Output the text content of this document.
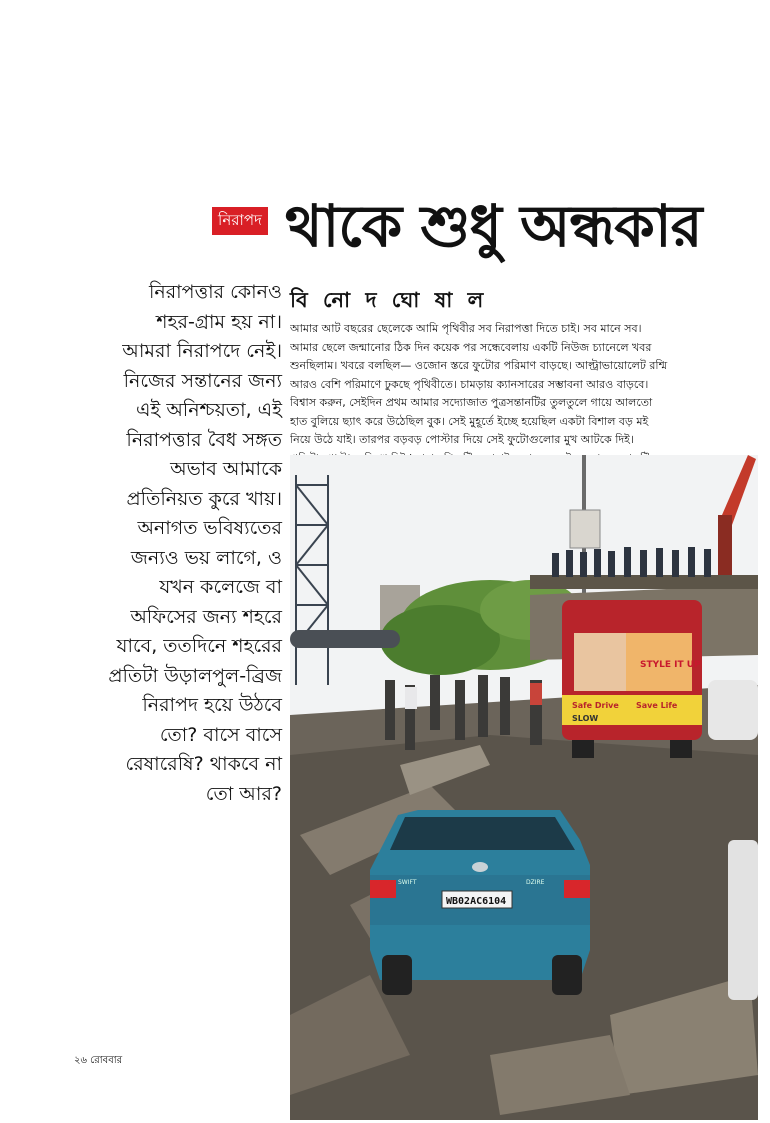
নিরাপদ থাকে শুধু অন্ধকার
নিরাপত্তার কোনও
শহর-গ্রাম হয় না।
আমরা নিরাপদে নেই।
নিজের সন্তানের জন্য
এই অনিশ্চয়তা, এই
নিরাপত্তার বৈধ সঙ্গত
অভাব আমাকে
প্রতিনিয়ত কুরে খায়।
অনাগত ভবিষ্যতের
জন্যও ভয় লাগে, ও
যখন কলেজে বা
অফিসের জন্য শহরে
যাবে, ততদিনে শহরের
প্রতিটা উড়ালপুল-ব্রিজ
নিরাপদ হয়ে উঠবে
তো? বাসে বাসে
রেষারেষি? থাকবে না
তো আর?
বি নো দ ঘো ষা ল
আমার আট বছরের ছেলেকে আমি পৃথিবীর সব নিরাপত্তা দিতে চাই। সব মানে সব।
আমার ছেলে জন্মানোর ঠিক দিন কয়েক পর সন্ধেবেলায় একটি নিউজ চ্যানেলে খবর
শুনছিলাম। খবরে বলছিল— ওজোন স্তরে ফুটোর পরিমাণ বাড়ছে। আল্ট্রাভায়োলেট রশ্মি
আরও বেশি পরিমাণে ঢুকছে পৃথিবীতে। চামড়ায় ক্যানসারের সম্ভাবনা আরও বাড়বে।
বিশ্বাস করুন, সেইদিন প্রথম আমার সদ্যোজাত পুত্রসন্তানটির তুলতুলে গায়ে আলতো
হাত বুলিয়ে ছ্যাৎ করে উঠেছিল বুক। সেই মুহূর্তে ইচ্ছে হয়েছিল একটা বিশাল বড় মই
নিয়ে উঠে যাই। তারপর বড়বড় পোস্টার দিয়ে সেই ফুটোগুলোর মুখ আটকে দিই।
STYLE IT UP
Safe Drive Save Life
SLOW
WB02AC6104
SWIFT	DZIRE
২৬ রোববার
